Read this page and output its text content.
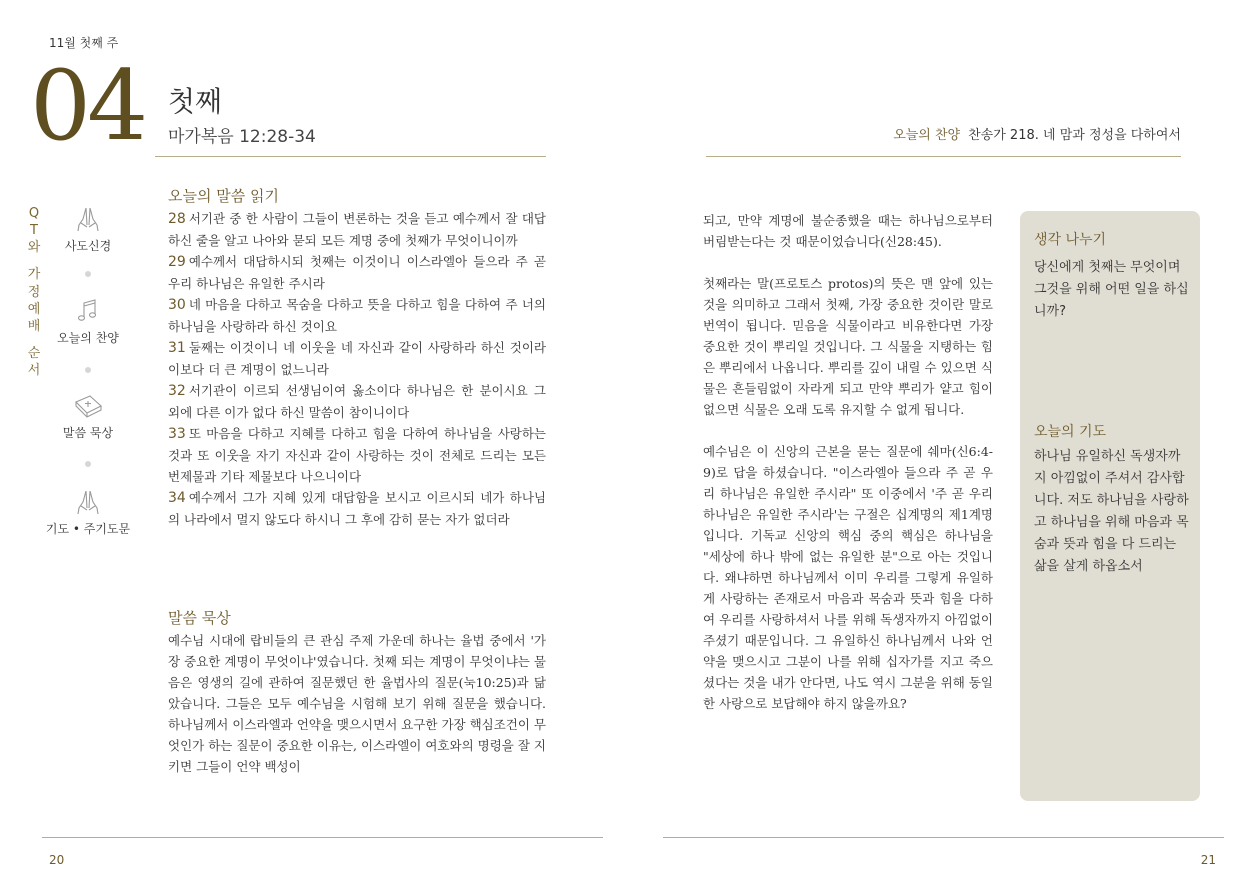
11월 첫째 주
04 첫째
마가복음 12:28-34	오늘의 찬양 찬송가 218. 네 맘과 정성을 다하여서
Q
T
와
가
정
예
배
순
서
사도신경
오늘의 찬양
말씀 묵상
기도 • 주기도문
오늘의 말씀 읽기
28 서기관 중 한 사람이 그들이 변론하는 것을 듣고 예수께서 잘 대답하신 줄을 알고 나아와 묻되 모든 계명 중에 첫째가 무엇이니이까
29 예수께서 대답하시되 첫째는 이것이니 이스라엘아 들으라 주 곧 우리 하나님은 유일한 주시라
30 네 마음을 다하고 목숨을 다하고 뜻을 다하고 힘을 다하여 주 너의 하나님을 사랑하라 하신 것이요
31 둘째는 이것이니 네 이웃을 네 자신과 같이 사랑하라 하신 것이라 이보다 더 큰 계명이 없느니라
32 서기관이 이르되 선생님이여 옳소이다 하나님은 한 분이시요 그 외에 다른 이가 없다 하신 말씀이 참이니이다
33 또 마음을 다하고 지혜를 다하고 힘을 다하여 하나님을 사랑하는 것과 또 이웃을 자기 자신과 같이 사랑하는 것이 전체로 드리는 모든 번제물과 기타 제물보다 나으니이다
34 예수께서 그가 지혜 있게 대답함을 보시고 이르시되 네가 하나님의 나라에서 멀지 않도다 하시니 그 후에 감히 묻는 자가 없더라
말씀 묵상
예수님 시대에 랍비들의 큰 관심 주제 가운데 하나는 율법 중에서 '가장 중요한 계명이 무엇이냐'였습니다. 첫째 되는 계명이 무엇이냐는 물음은 영생의 길에 관하여 질문했던 한 율법사의 질문(눅10:25)과 닮았습니다. 그들은 모두 예수님을 시험해 보기 위해 질문을 했습니다. 하나님께서 이스라엘과 언약을 맺으시면서 요구한 가장 핵심조건이 무엇인가 하는 질문이 중요한 이유는, 이스라엘이 여호와의 명령을 잘 지키면 그들이 언약 백성이

되고, 만약 계명에 불순종했을 때는 하나님으로부터 버림받는다는 것 때문이었습니다(신28:45).

첫째라는 말(프로토스 protos)의 뜻은 맨 앞에 있는 것을 의미하고 그래서 첫째, 가장 중요한 것이란 말로 번역이 됩니다. 믿음을 식물이라고 비유한다면 가장 중요한 것이 뿌리일 것입니다. 그 식물을 지탱하는 힘은 뿌리에서 나옵니다. 뿌리를 깊이 내릴 수 있으면 식물은 흔들림없이 자라게 되고 만약 뿌리가 얕고 힘이 없으면 식물은 오래 도록 유지할 수 없게 됩니다.

예수님은 이 신앙의 근본을 묻는 질문에 쉐마(신6:4-9)로 답을 하셨습니다. "이스라엘아 들으라 주 곧 우리 하나님은 유일한 주시라" 또 이중에서 '주 곧 우리 하나님은 유일한 주시라'는 구절은 십계명의 제1계명입니다. 기독교 신앙의 핵심 중의 핵심은 하나님을 "세상에 하나 밖에 없는 유일한 분"으로 아는 것입니다. 왜냐하면 하나님께서 이미 우리를 그렇게 유일하게 사랑하는 존재로서 마음과 목숨과 뜻과 힘을 다하여 우리를 사랑하셔서 나를 위해 독생자까지 아낌없이 주셨기 때문입니다. 그 유일하신 하나님께서 나와 언약을 맺으시고 그분이 나를 위해 십자가를 지고 죽으셨다는 것을 내가 안다면, 나도 역시 그분을 위해 동일한 사랑으로 보답해야 하지 않을까요?

생각 나누기
당신에게 첫째는 무엇이며 그것을 위해 어떤 일을 하십니까?
오늘의 기도
하나님 유일하신 독생자까지 아낌없이 주셔서 감사합니다. 저도 하나님을 사랑하고 하나님을 위해 마음과 목숨과 뜻과 힘을 다 드리는 삶을 살게 하옵소서
20	21
